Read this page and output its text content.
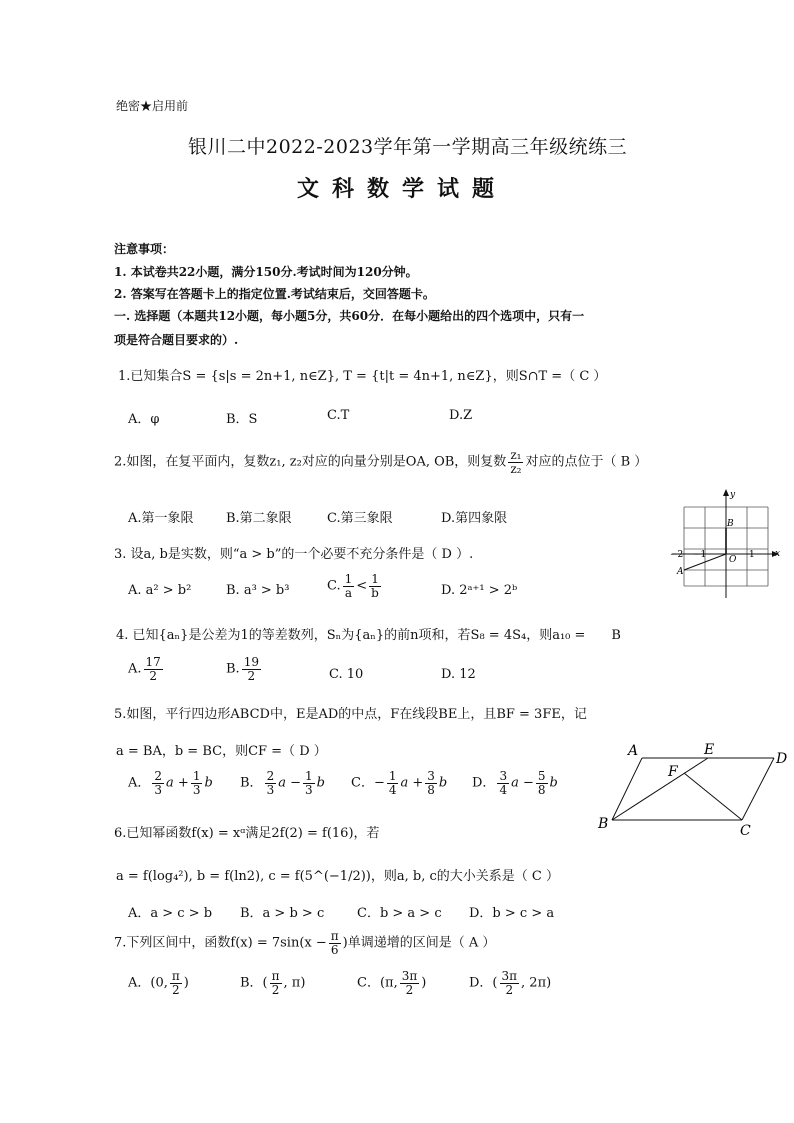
绝密★启用前
银川二中2022-2023学年第一学期高三年级统练三
文科数学试题
注意事项：
1. 本试卷共22小题，满分150分.考试时间为120分钟。
2. 答案写在答题卡上的指定位置.考试结束后，交回答题卡。
一. 选择题（本题共12小题，每小题5分，共60分．在每小题给出的四个选项中，只有一
项是符合题目要求的）.
1.已知集合S = {s|s = 2n+1, n∈Z}, T = {t|t = 4n+1, n∈Z}，则S∩T =（ C ）
A．φ	B．S	C.T	D.Z
2.如图，在复平面内，复数z₁, z₂对应的向量分别是OA, OB，则复数 $\frac{\text{z₁}}{\text{z₂}}$ 对应的点位于（ B ）
A.第一象限 B.第二象限	C.第三象限	D.第四象限
y
x
B
O
A
−2 −1	1
3. 设a, b是实数，则“a > b”的一个必要不充分条件是（ D ）.
A. a² > b²	B. a³ > b³	C. $\frac{1}{a} < \frac{1}{b}$	D. 2ᵃ⁺¹ > 2ᵇ
4. 已知{aₙ}是公差为1的等差数列，Sₙ为{aₙ}的前n项和，若S₈ = 4S₄，则a₁₀ =　　B
A. $\frac{17}{2}$	B. $\frac{19}{2}$	C. 10	D. 12
5.如图，平行四边形ABCD中，E是AD的中点，F在线段BE上，且BF = 3FE，记
a = BA，b = BC，则CF =（ D ）
A． $\frac{2}{3}$ $a + \frac{1}{3}$ b B． $\frac{2}{3}$ $a - \frac{1}{3}$ b C．− $\frac{1}{4}$ $a + \frac{3}{8}$ b D． $\frac{3}{4}$ $a - \frac{5}{8}$ b
A	E
D
F
B	C
6.已知幂函数f(x) = xᵅ满足2f(2) = f(16)，若
a = f(log₄²), b = f(ln2), c = f(5^(−1/2))，则a, b, c的大小关系是（ C ）
A．a > c > b B．a > b > c	C．b > a > c D．b > c > a
7.下列区间中，函数$f(x) = 7\sin(x - \frac{\pi}{6}$ )单调递增的区间是（ A ）
A．(0, $\frac{\pi}{2}$ )	B．( $\frac{\pi}{2}$ , π)	C．(π, $\frac{3\pi}{2}$ )	D．( $\frac{3\pi}{2}$ , 2π)
